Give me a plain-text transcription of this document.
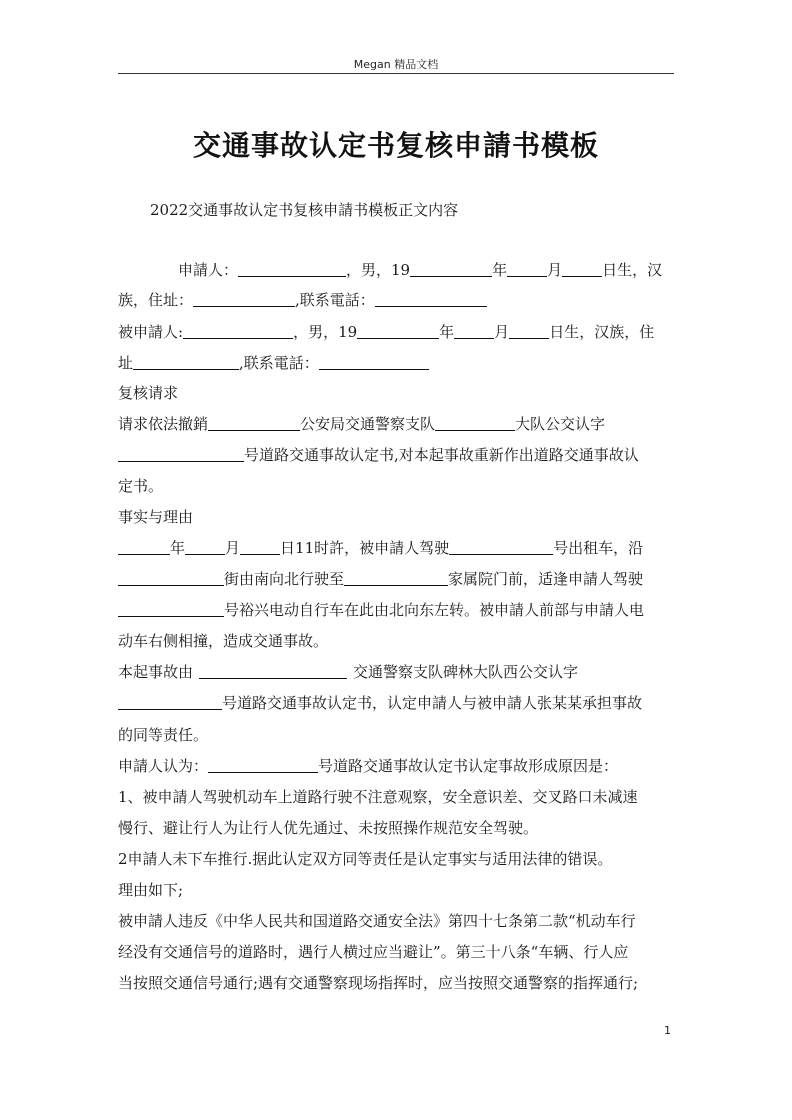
Megan 精品文档
交通事故认定书复核申請书模板
2022交通事故认定书复核申請书模板正文内容
申請人：	，男，19	年	月	日生，汉
族，住址：	,联系電話：
被申請人:	，男，19	年	月	日生，汉族，住
址	,联系電話：
复核请求
请求依法撤銷	公安局交通警察支队	大队公交认字
号道路交通事故认定书,对本起事故重新作出道路交通事故认
定书。
事实与理由
年	月	日11时許，被申請人驾驶	号出租车，沿
街由南向北行驶至	家属院门前，适逢申請人驾驶
号裕兴电动自行车在此由北向东左转。被申請人前部与申請人电
动车右侧相撞，造成交通事故。
本起事故由	交通警察支队碑林大队西公交认字
号道路交通事故认定书，认定申請人与被申請人张某某承担事故
的同等责任。
申請人认为：	号道路交通事故认定书认定事故形成原因是：
1、被申請人驾驶机动车上道路行驶不注意观察，安全意识差、交叉路口未减速
慢行、避让行人为让行人优先通过、未按照操作规范安全驾驶。
2申請人未下车推行.据此认定双方同等责任是认定事实与适用法律的错误。
理由如下;
被申請人违反《中华人民共和国道路交通安全法》第四十七条第二款“机动车行
经没有交通信号的道路时，遇行人横过应当避让”。第三十八条“车辆、行人应
当按照交通信号通行;遇有交通警察现场指挥时，应当按照交通警察的指挥通行;
1
